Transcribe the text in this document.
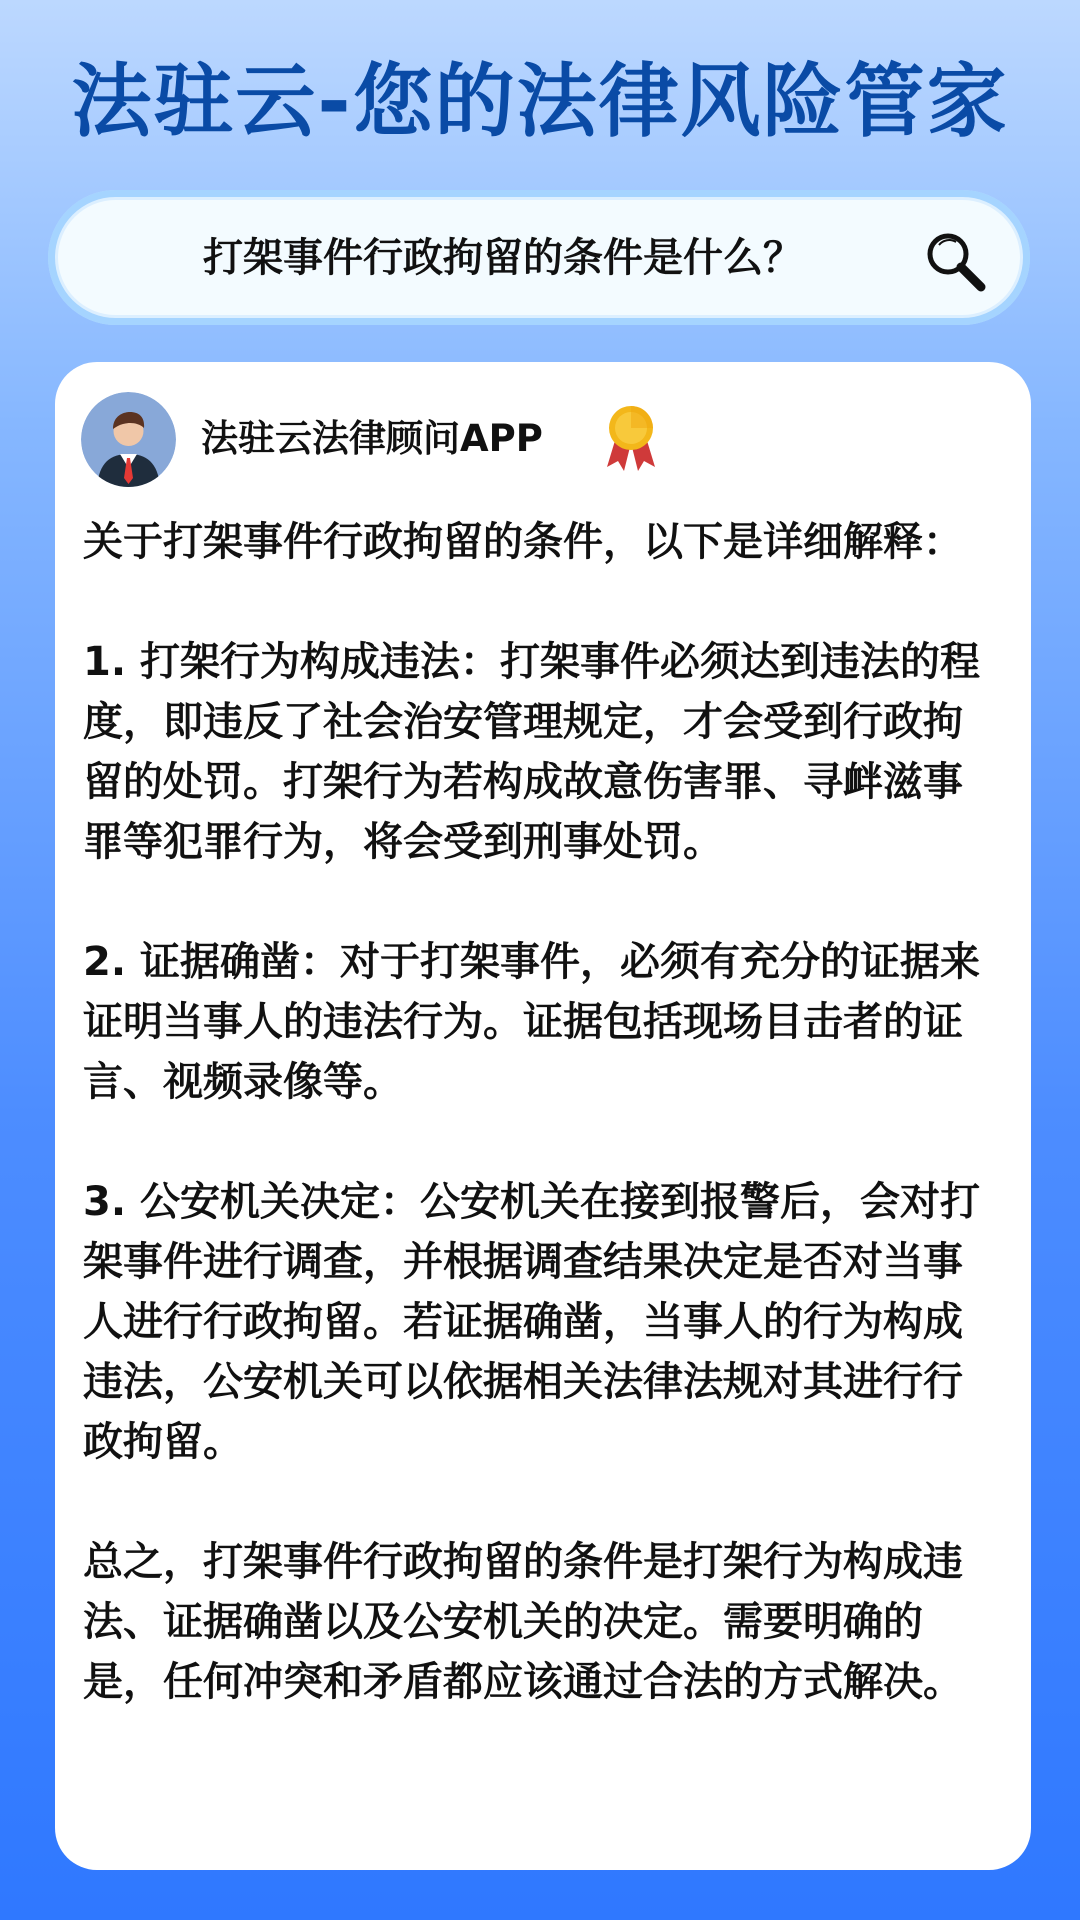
法驻云-您的法律风险管家
打架事件行政拘留的条件是什么？
法驻云法律顾问APP

关于打架事件行政拘留的条件，以下是详细解释：

1. 打架行为构成违法：打架事件必须达到违法的程度，即违反了社会治安管理规定，才会受到行政拘留的处罚。打架行为若构成故意伤害罪、寻衅滋事罪等犯罪行为，将会受到刑事处罚。

2. 证据确凿：对于打架事件，必须有充分的证据来证明当事人的违法行为。证据包括现场目击者的证言、视频录像等。

3. 公安机关决定：公安机关在接到报警后，会对打架事件进行调查，并根据调查结果决定是否对当事人进行行政拘留。若证据确凿，当事人的行为构成违法，公安机关可以依据相关法律法规对其进行行政拘留。

总之，打架事件行政拘留的条件是打架行为构成违法、证据确凿以及公安机关的决定。需要明确的是，任何冲突和矛盾都应该通过合法的方式解决。
